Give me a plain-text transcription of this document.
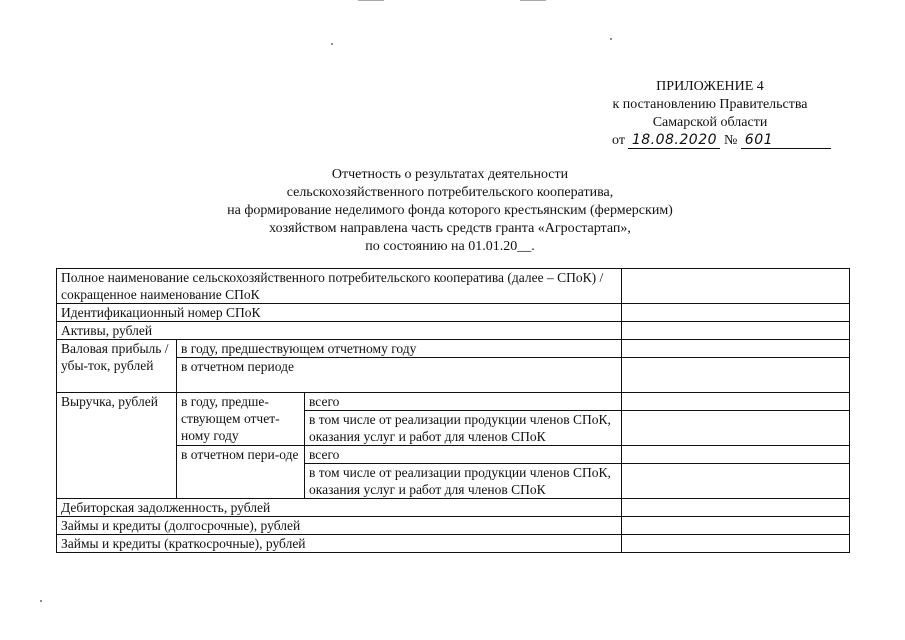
ПРИЛОЖЕНИЕ 4
к постановлению Правительства
Самарской области
от 18.08.2020 № 601
Отчетность о результатах деятельности
сельскохозяйственного потребительского кооператива,
на формирование неделимого фонда которого крестьянским (фермерским)
хозяйством направлена часть средств гранта «Агростартап»,
по состоянию на 01.01.20__.
Полное наименование сельскохозяйственного потребительского кооператива (далее – СПоК) / сокращенное наименование СПоК			
Идентификационный номер СПоК			
Активы, рублей			
Валовая прибыль / убы-ток, рублей	в году, предшествующем отчетному году		
	в отчетном периоде		
Выручка, рублей	в году, предше-ствующем отчет-ному году	всего	
		в том числе от реализации продукции членов СПоК, оказания услуг и работ для членов СПоК	
	в отчетном пери-оде	всего	
		в том числе от реализации продукции членов СПоК, оказания услуг и работ для членов СПоК	
Дебиторская задолженность, рублей			
Займы и кредиты (долгосрочные), рублей			
Займы и кредиты (краткосрочные), рублей			
